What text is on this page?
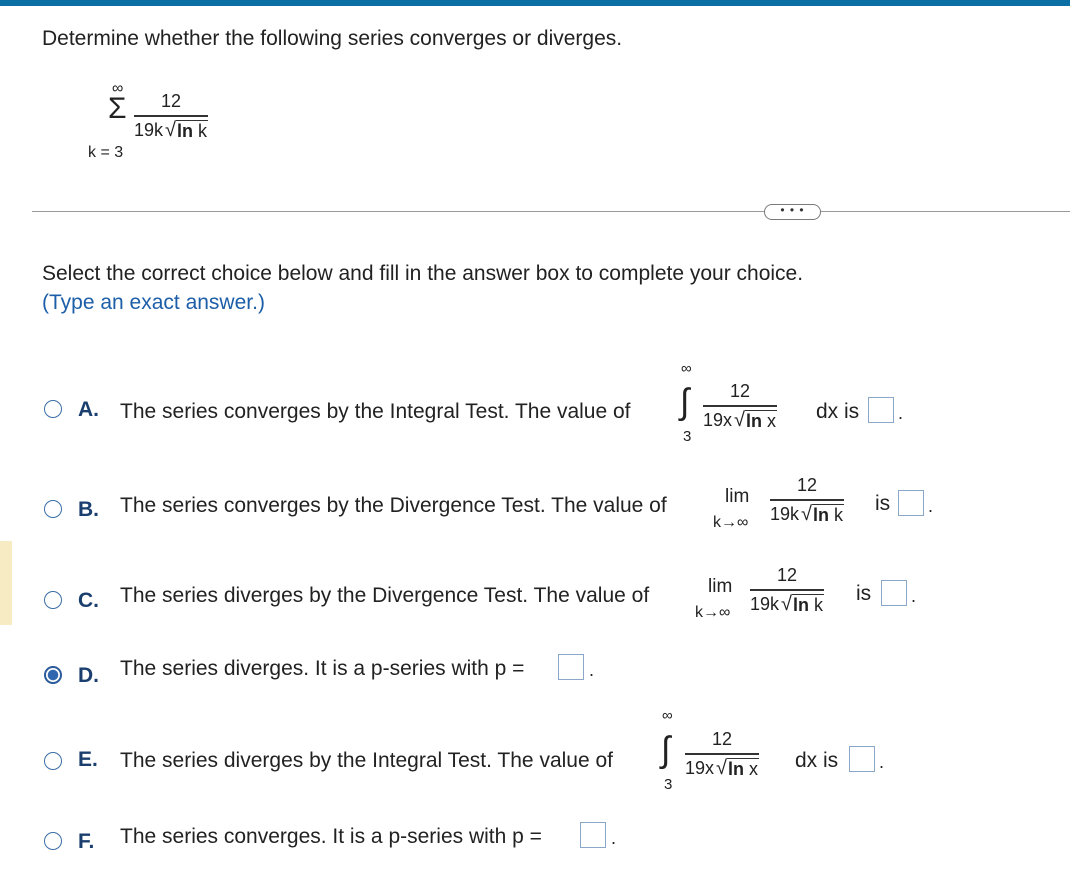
Determine whether the following series converges or diverges.
∞
Σ
k = 3
12
19k √ ln k
• • •
Select the correct choice below and fill in the answer box to complete your choice.
(Type an exact answer.)
A. The series converges by the Integral Test. The value of
∞
∫
3
12
19x √ ln x dx is .
B. The series converges by the Divergence Test. The value of	lim
k→∞
12
19k √ ln k is .
C. The series diverges by the Divergence Test. The value of	lim
k→∞
12
19k √ ln k is .
D. The series diverges. It is a p-series with p =	.
E. The series diverges by the Integral Test. The value of
∞
∫
3
12
19x √ ln x dx is .
F. The series converges. It is a p-series with p =	.
